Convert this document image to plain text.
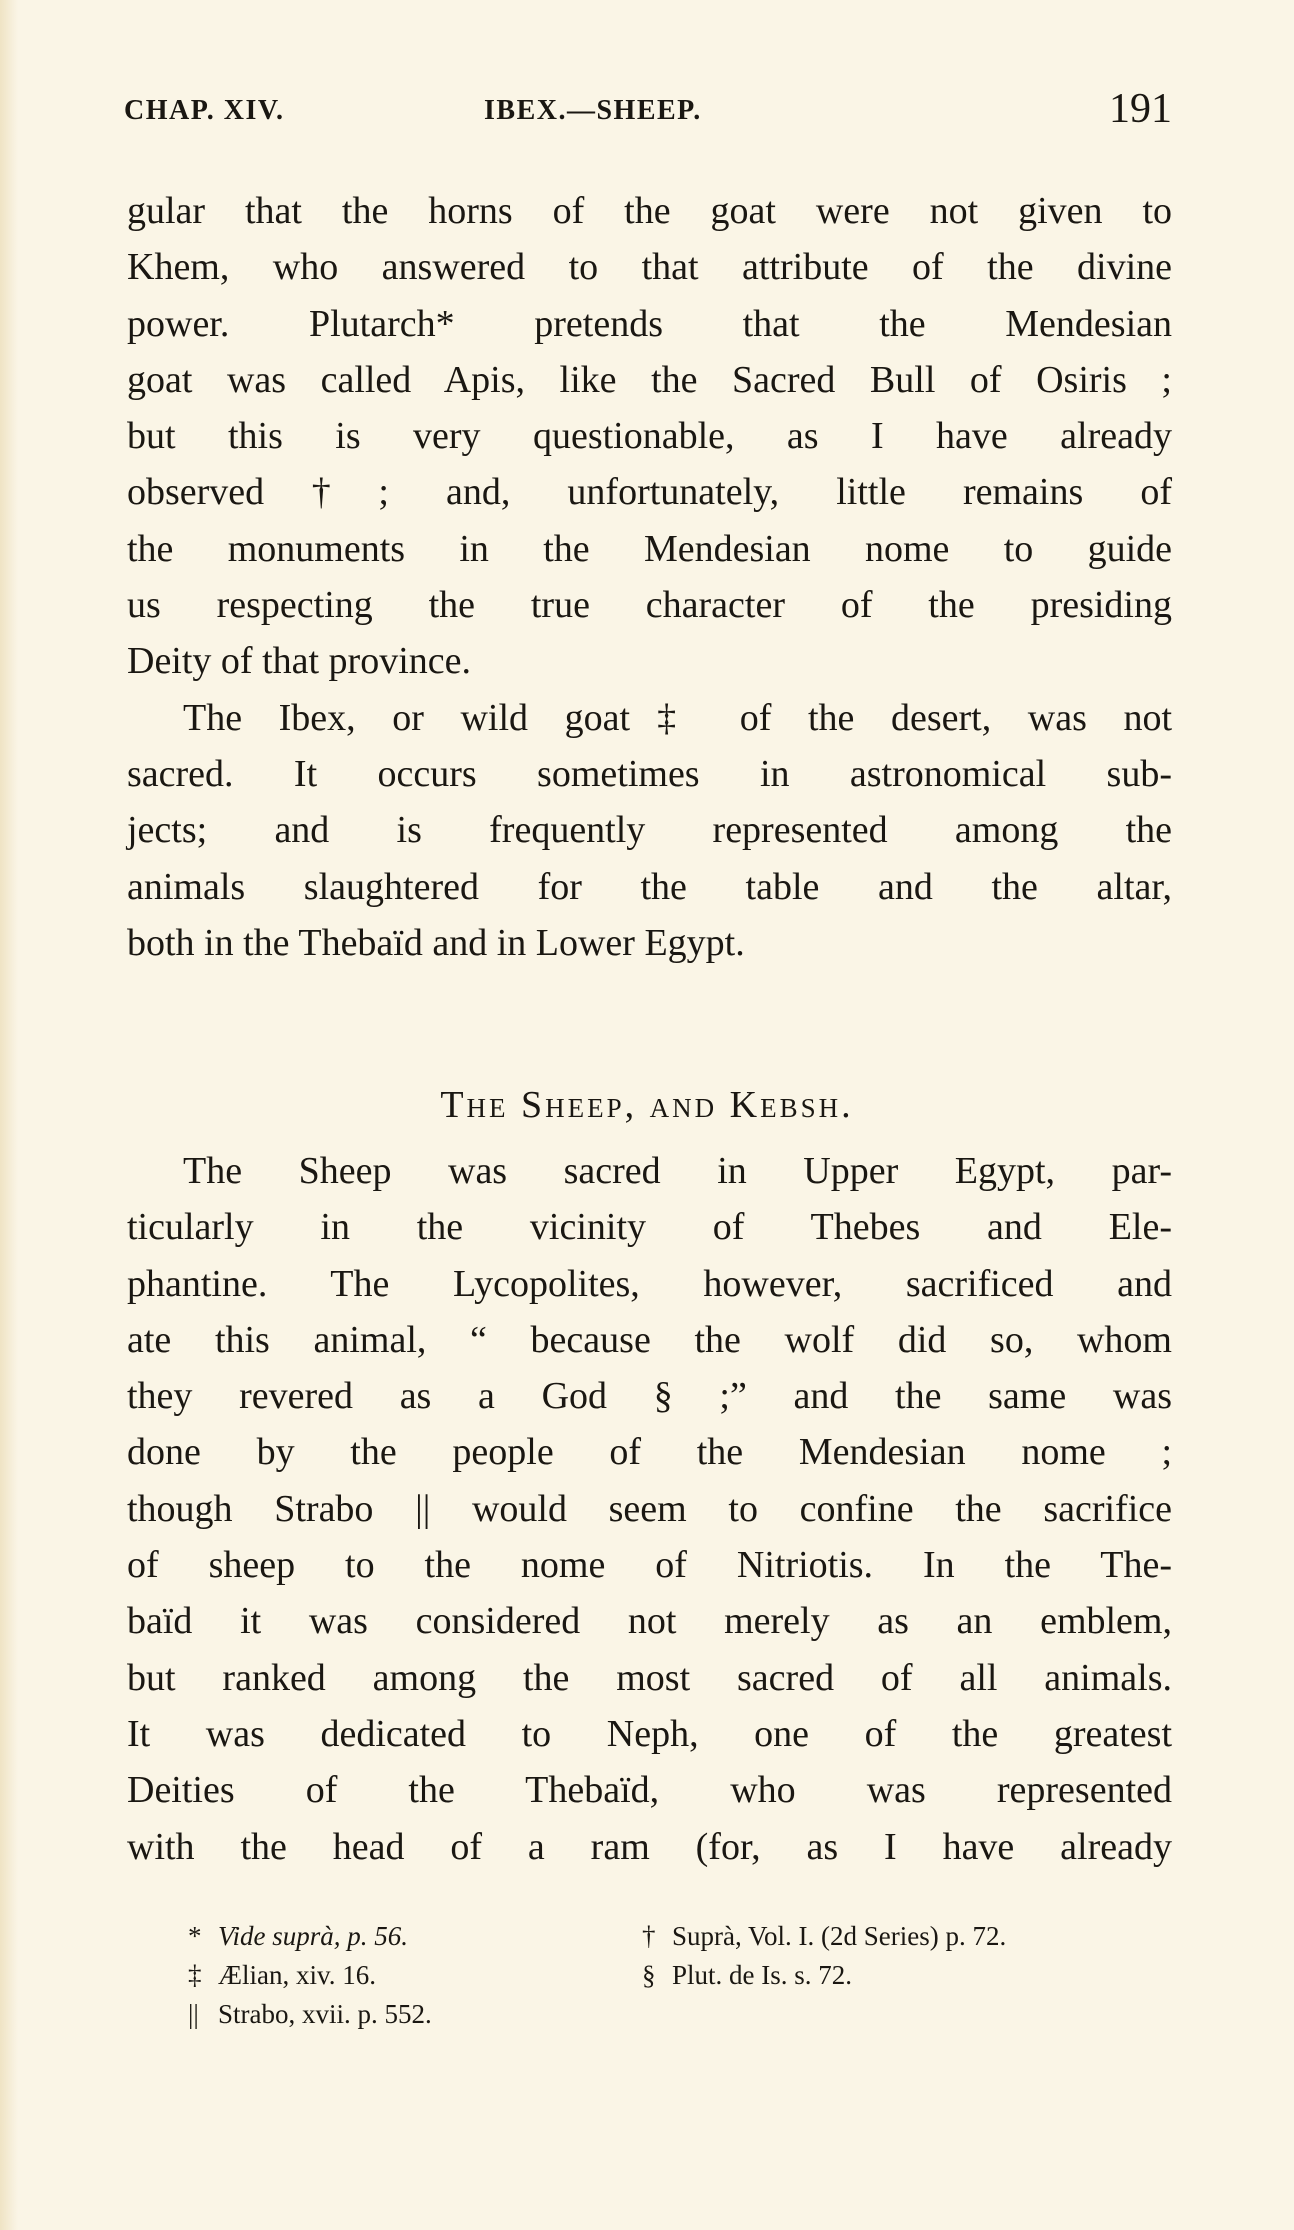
CHAP. XIV.	IBEX.—SHEEP.	191
gular that the horns of the goat were not given to
Khem, who answered to that attribute of the divine
power. Plutarch* pretends that the Mendesian
goat was called Apis, like the Sacred Bull of Osiris ;
but this is very questionable, as I have already
observed†; and, unfortunately, little remains of
the monuments in the Mendesian nome to guide
us respecting the true character of the presiding
Deity of that province.
The Ibex, or wild goat‡ of the desert, was not
sacred. It occurs sometimes in astronomical sub-
jects; and is frequently represented among the
animals slaughtered for the table and the altar,
both in the Thebaïd and in Lower Egypt.
The Sheep, and Kebsh.
The Sheep was sacred in Upper Egypt, par-
ticularly in the vicinity of Thebes and Ele-
phantine. The Lycopolites, however, sacrificed and
ate this animal, “ because the wolf did so, whom
they revered as a God § ;” and the same was
done by the people of the Mendesian nome ;
though Strabo || would seem to confine the sacrifice
of sheep to the nome of Nitriotis. In the The-
baïd it was considered not merely as an emblem,
but ranked among the most sacred of all animals.
It was dedicated to Neph, one of the greatest
Deities of the Thebaïd, who was represented
with the head of a ram (for, as I have already
* Vide suprà, p. 56.	† Suprà, Vol. I. (2d Series) p. 72.
‡ Ælian, xiv. 16.	§ Plut. de Is. s. 72.
|| Strabo, xvii. p. 552.
